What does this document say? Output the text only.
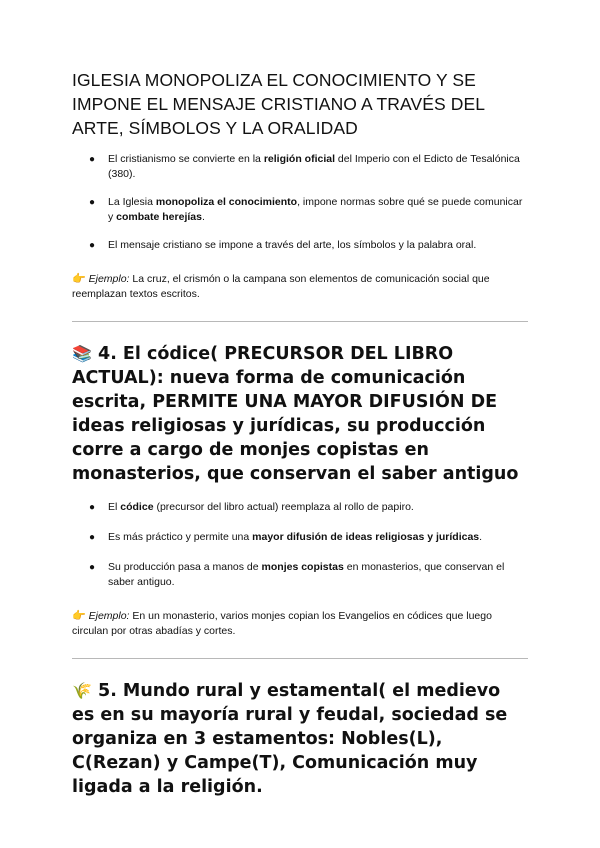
IGLESIA MONOPOLIZA EL CONOCIMIENTO Y SE IMPONE EL MENSAJE CRISTIANO A TRAVÉS DEL ARTE, SÍMBOLOS Y LA ORALIDAD
● El cristianismo se convierte en la religión oficial del Imperio con el Edicto de Tesalónica (380).
● La Iglesia monopoliza el conocimiento, impone normas sobre qué se puede comunicar y combate herejías.
● El mensaje cristiano se impone a través del arte, los símbolos y la palabra oral.

👉 Ejemplo: La cruz, el crismón o la campana son elementos de comunicación social que reemplazan textos escritos.

📚 4. El códice( PRECURSOR DEL LIBRO ACTUAL): nueva forma de comunicación escrita, PERMITE UNA MAYOR DIFUSIÓN DE ideas religiosas y jurídicas, su producción corre a cargo de monjes copistas en monasterios, que conservan el saber antiguo
● El códice (precursor del libro actual) reemplaza al rollo de papiro.
● Es más práctico y permite una mayor difusión de ideas religiosas y jurídicas.
● Su producción pasa a manos de monjes copistas en monasterios, que conservan el saber antiguo.

👉 Ejemplo: En un monasterio, varios monjes copian los Evangelios en códices que luego circulan por otras abadías y cortes.

🌾 5. Mundo rural y estamental( el medievo es en su mayoría rural y feudal, sociedad se organiza en 3 estamentos: Nobles(L), C(Rezan) y Campe(T), Comunicación muy ligada a la religión.
